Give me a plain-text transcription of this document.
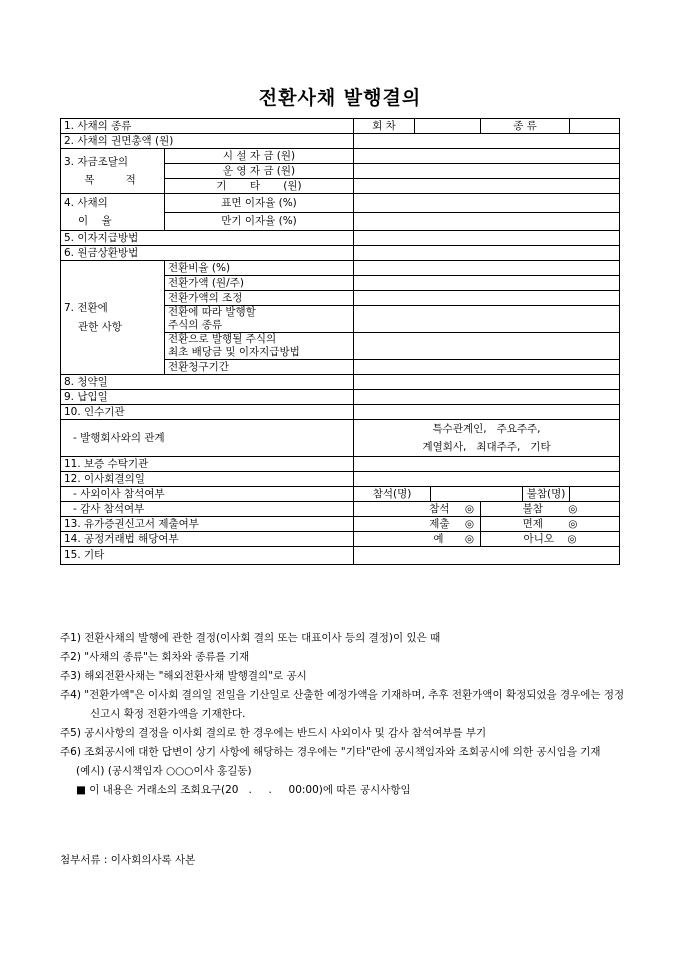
전환사채 발행결의
1. 사채의 종류		회 차			종 류		
2. 사채의 권면총액 (원)							

3. 자금조달의
목 적	시 설 자 금 (원)						
	운 영 자 금 (원)						
	기 타 (원)						

4. 사채의
이 율	표면 이자율 (%)						
	만기 이자율 (%)						
5. 이자지급방법							
6. 원금상환방법							

7. 전환에
관한 사항	전환비율 (%)						
	전환가액 (원/주)						
	전환가액의 조정						

	전환에 따라 발행할
주식의 종류						

	전환으로 발행될 주식의
최초 배당금 및 이자지급방법						

	전환청구기간						
8. 청약일							
9. 납입일							
10. 인수기관							
- 발행회사와의 관계		특수관계인,   주요주주,
계열회사,   최대주주,   기타					

11. 보증 수탁기관							
12. 이사회결의일							
- 사외이사 참석여부		참석(명)				불참(명)	
- 감사 참석여부		참석 ◎			불참 ◎		
13. 유가증권신고서 제출여부		제출 ◎			면제 ◎		
14. 공정거래법 해당여부		예 ◎			아니오 ◎		
15. 기타							
주1) 전환사채의 발행에 관한 결정(이사회 결의 또는 대표이사 등의 결정)이 있은 때
주2) "사채의 종류"는 회차와 종류를 기재
주3) 해외전환사채는 "해외전환사채 발행결의"로 공시
주4) "전환가액"은 이사회 결의일 전일을 기산일로 산출한 예정가액을 기재하며, 추후 전환가액이 확정되었을 경우에는 정정 신고시 확정 전환가액을 기재한다.
주5) 공시사항의 결정을 이사회 결의로 한 경우에는 반드시 사외이사 및 감사 참석여부를 부기
주6) 조회공시에 대한 답변이 상기 사항에 해당하는 경우에는 "기타"란에 공시책임자와 조회공시에 의한 공시임을 기재
(예시) (공시책임자 ○○○이사 홍길동)
■ 이 내용은 거래소의 조회요구(20   .     .     00:00)에 따른 공시사항임
첨부서류 : 이사회의사록 사본
